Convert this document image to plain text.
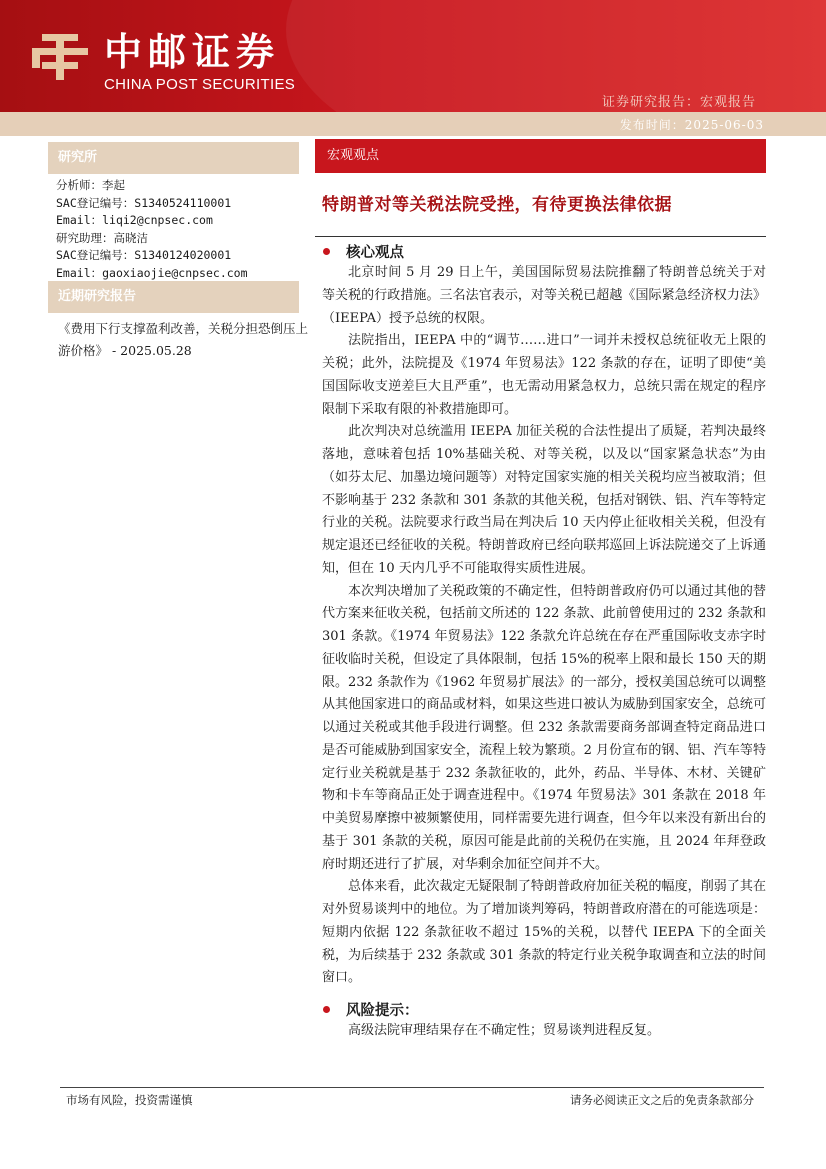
中邮证券
CHINA POST SECURITIES
证券研究报告：宏观报告
发布时间：2025-06-03
研究所
分析师：李起
SAC登记编号：S1340524110001
Email：liqi2@cnpsec.com
研究助理：高晓洁
SAC登记编号：S1340124020001
Email：gaoxiaojie@cnpsec.com
近期研究报告
《费用下行支撑盈利改善，关税分担恐倒压上游价格》 - 2025.05.28
宏观观点
特朗普对等关税法院受挫，有待更换法律依据
核心观点

北京时间 5 月 29 日上午，美国国际贸易法院推翻了特朗普总统关于对等关税的行政措施。三名法官表示，对等关税已超越《国际紧急经济权力法》（IEEPA）授予总统的权限。

法院指出，IEEPA 中的“调节……进口”一词并未授权总统征收无上限的关税；此外，法院提及《1974 年贸易法》122 条款的存在，证明了即使“美国国际收支逆差巨大且严重”，也无需动用紧急权力，总统只需在规定的程序限制下采取有限的补救措施即可。

此次判决对总统滥用 IEEPA 加征关税的合法性提出了质疑，若判决最终落地，意味着包括 10%基础关税、对等关税，以及以“国家紧急状态”为由（如芬太尼、加墨边境问题等）对特定国家实施的相关关税均应当被取消；但不影响基于 232 条款和 301 条款的其他关税，包括对钢铁、铝、汽车等特定行业的关税。法院要求行政当局在判决后 10 天内停止征收相关关税，但没有规定退还已经征收的关税。特朗普政府已经向联邦巡回上诉法院递交了上诉通知，但在 10 天内几乎不可能取得实质性进展。

本次判决增加了关税政策的不确定性，但特朗普政府仍可以通过其他的替代方案来征收关税，包括前文所述的 122 条款、此前曾使用过的 232 条款和 301 条款。《1974 年贸易法》122 条款允许总统在存在严重国际收支赤字时征收临时关税，但设定了具体限制，包括 15%的税率上限和最长 150 天的期限。232 条款作为《1962 年贸易扩展法》的一部分，授权美国总统可以调整从其他国家进口的商品或材料，如果这些进口被认为威胁到国家安全，总统可以通过关税或其他手段进行调整。但 232 条款需要商务部调查特定商品进口是否可能威胁到国家安全，流程上较为繁琐。2 月份宣布的钢、铝、汽车等特定行业关税就是基于 232 条款征收的，此外，药品、半导体、木材、关键矿物和卡车等商品正处于调查进程中。《1974 年贸易法》301 条款在 2018 年中美贸易摩擦中被频繁使用，同样需要先进行调查，但今年以来没有新出台的基于 301 条款的关税，原因可能是此前的关税仍在实施，且 2024 年拜登政府时期还进行了扩展，对华剩余加征空间并不大。

总体来看，此次裁定无疑限制了特朗普政府加征关税的幅度，削弱了其在对外贸易谈判中的地位。为了增加谈判筹码，特朗普政府潜在的可能选项是：短期内依据 122 条款征收不超过 15%的关税，以替代 IEEPA 下的全面关税，为后续基于 232 条款或 301 条款的特定行业关税争取调查和立法的时间窗口。

风险提示：
高级法院审理结果存在不确定性；贸易谈判进程反复。
市场有风险，投资需谨慎	请务必阅读正文之后的免责条款部分
